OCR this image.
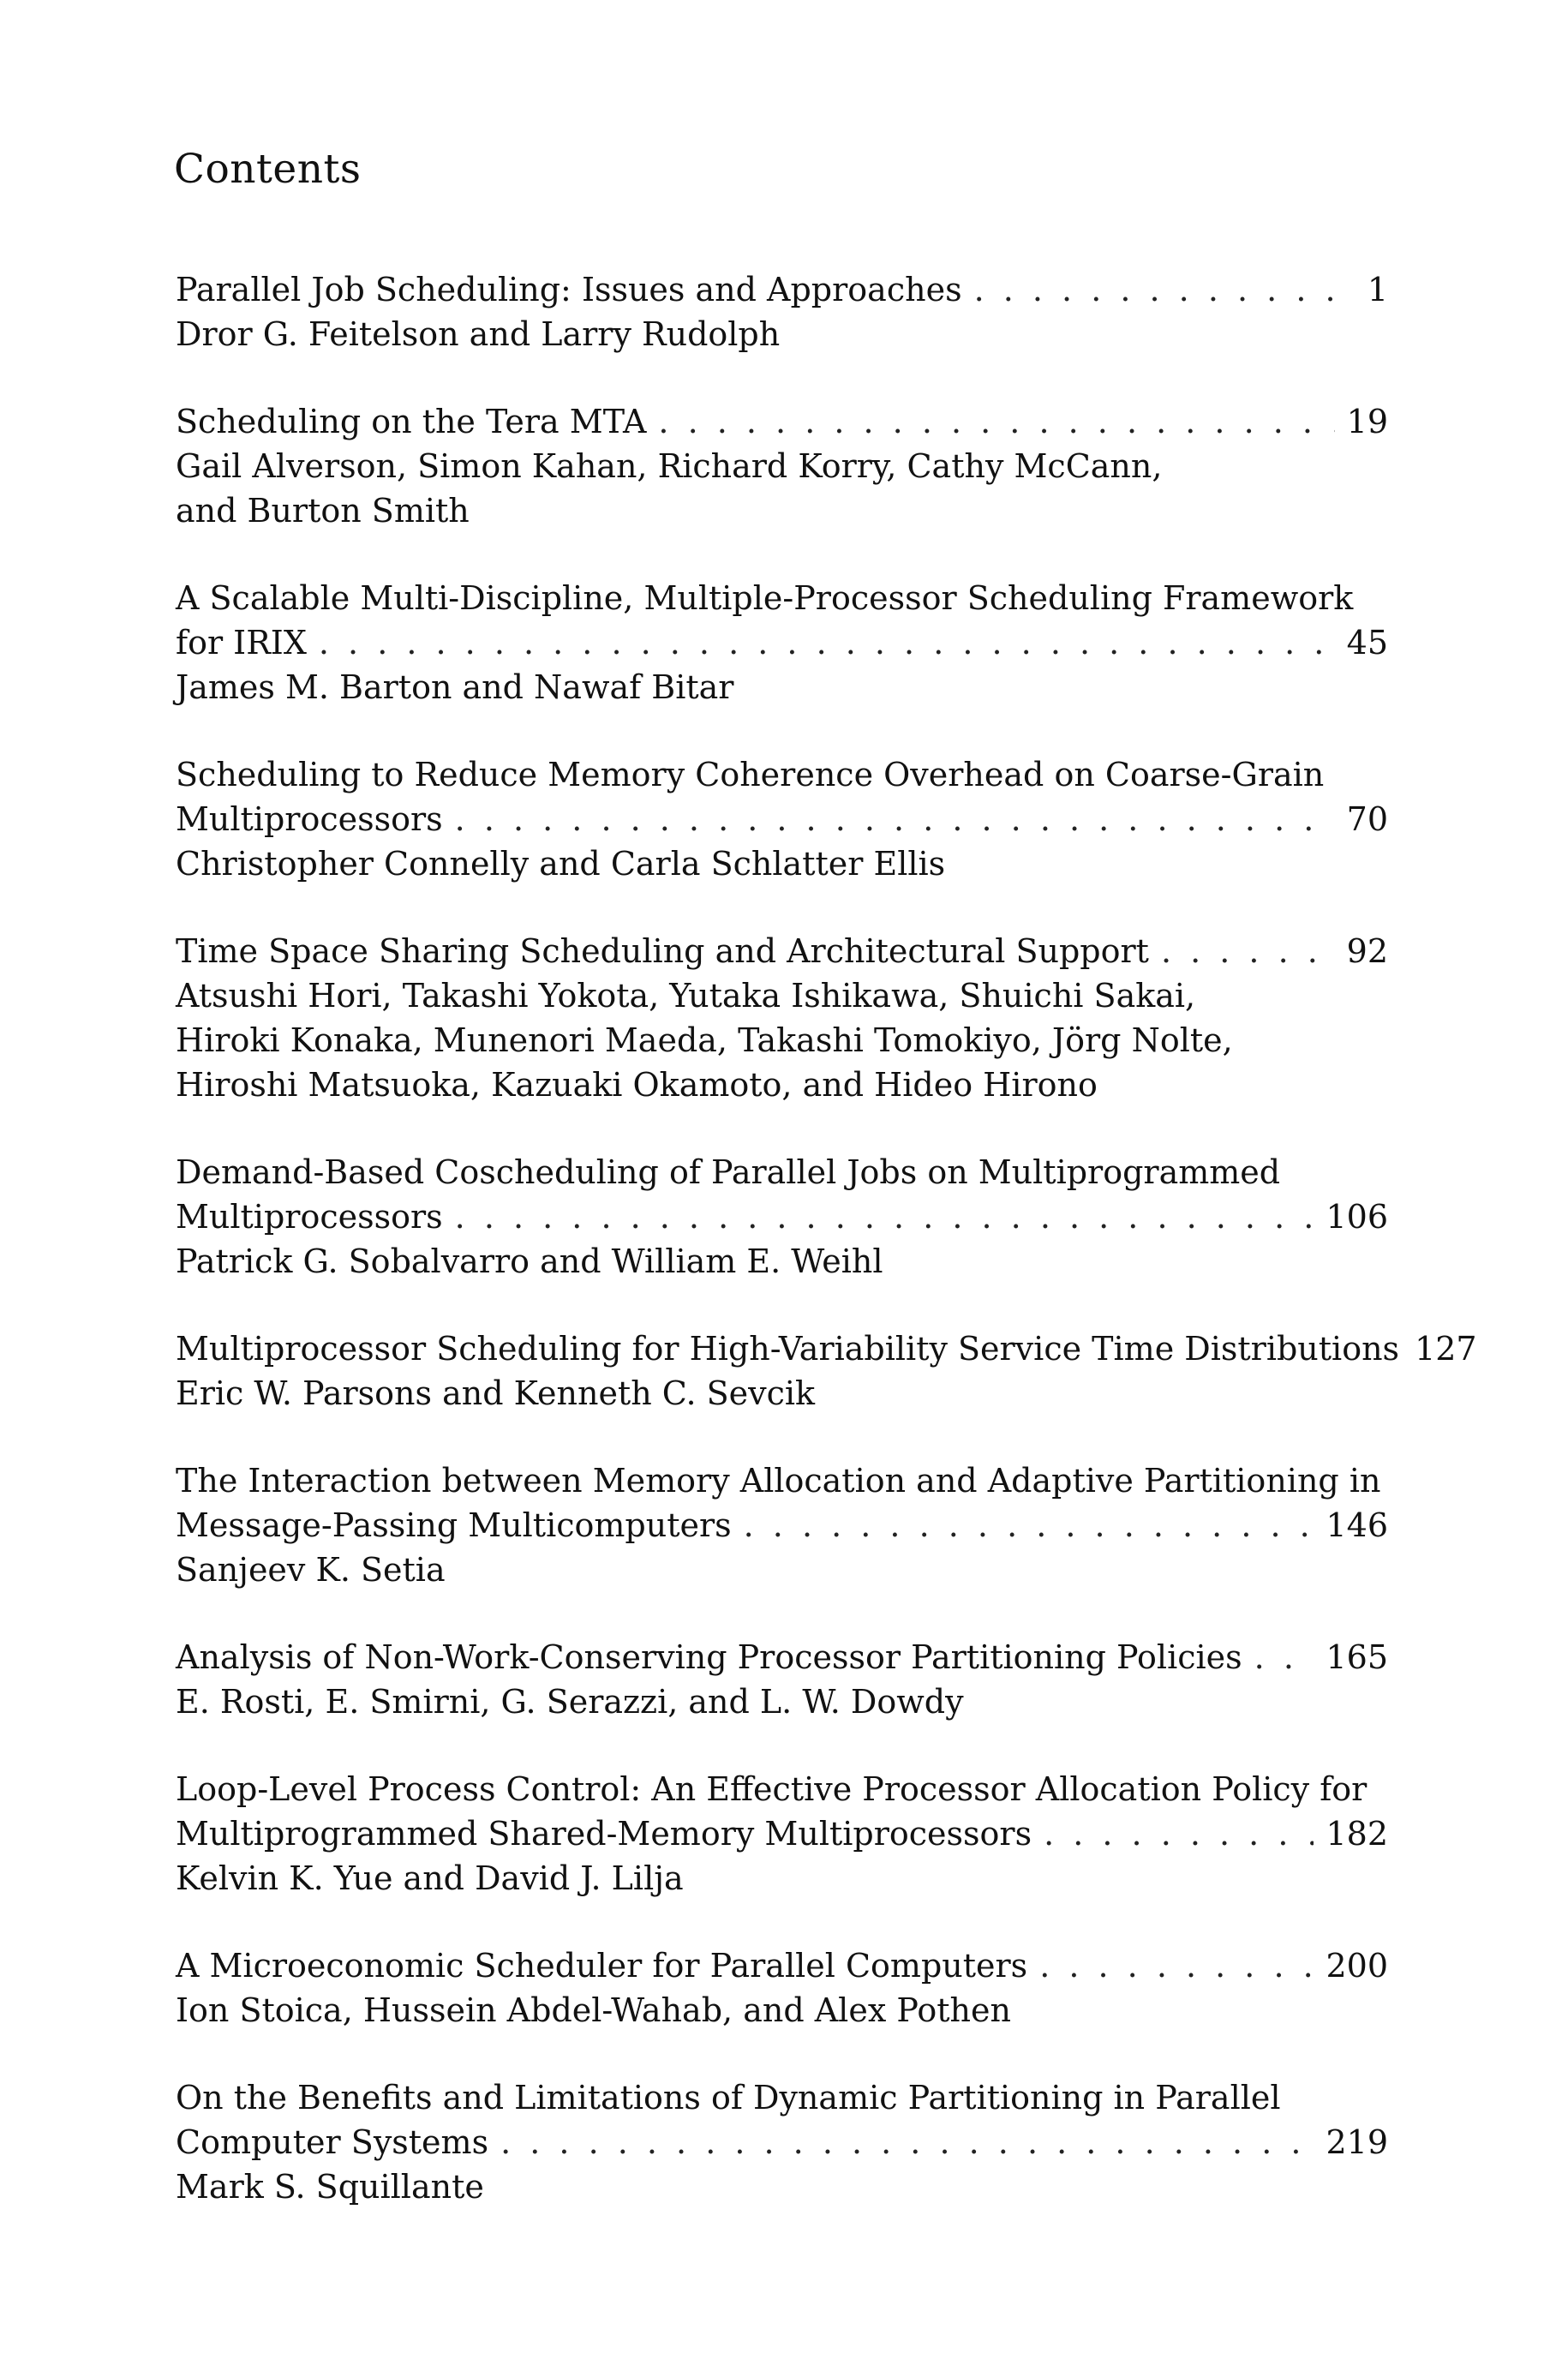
Contents
Parallel Job Scheduling: Issues and Approaches . . .	1
Dror G. Feitelson and Larry Rudolph
Scheduling on the Tera MTA . . .	19
Gail Alverson, Simon Kahan, Richard Korry, Cathy McCann,
and Burton Smith
A Scalable Multi-Discipline, Multiple-Processor Scheduling Framework
for IRIX . . .	45
James M. Barton and Nawaf Bitar
Scheduling to Reduce Memory Coherence Overhead on Coarse-Grain
Multiprocessors . . .	70
Christopher Connelly and Carla Schlatter Ellis
Time Space Sharing Scheduling and Architectural Support . . .	92
Atsushi Hori, Takashi Yokota, Yutaka Ishikawa, Shuichi Sakai,
Hiroki Konaka, Munenori Maeda, Takashi Tomokiyo, Jörg Nolte,
Hiroshi Matsuoka, Kazuaki Okamoto, and Hideo Hirono
Demand-Based Coscheduling of Parallel Jobs on Multiprogrammed
Multiprocessors . . .	106
Patrick G. Sobalvarro and William E. Weihl
Multiprocessor Scheduling for High-Variability Service Time Distributions 127
Eric W. Parsons and Kenneth C. Sevcik
The Interaction between Memory Allocation and Adaptive Partitioning in
Message-Passing Multicomputers . . .	146
Sanjeev K. Setia
Analysis of Non-Work-Conserving Processor Partitioning Policies . . .	165
E. Rosti, E. Smirni, G. Serazzi, and L. W. Dowdy
Loop-Level Process Control: An Effective Processor Allocation Policy for
Multiprogrammed Shared-Memory Multiprocessors . . .	182
Kelvin K. Yue and David J. Lilja
A Microeconomic Scheduler for Parallel Computers . . .	200
Ion Stoica, Hussein Abdel-Wahab, and Alex Pothen
On the Benefits and Limitations of Dynamic Partitioning in Parallel
Computer Systems . . .	219
Mark S. Squillante
